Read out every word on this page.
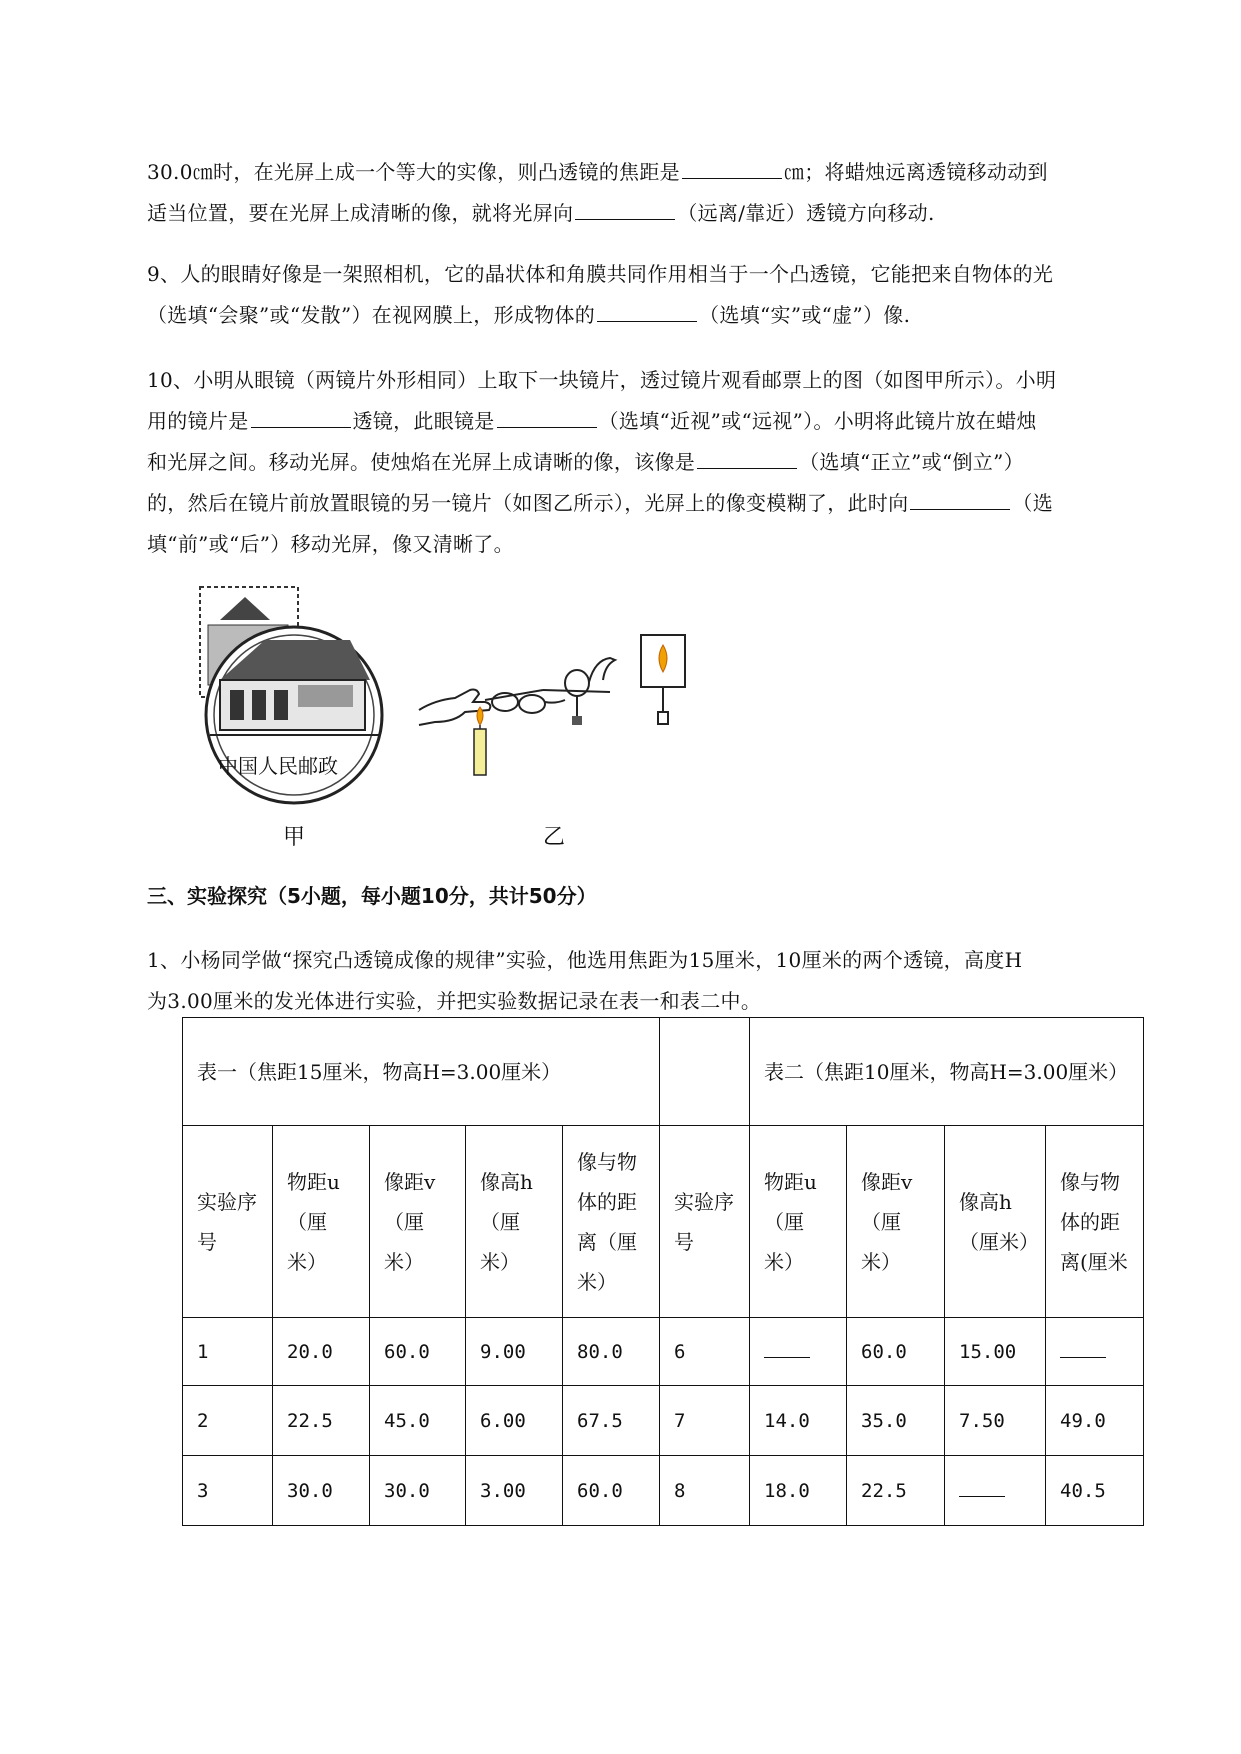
30.0㎝时，在光屏上成一个等大的实像，则凸透镜的焦距是	㎝；将蜡烛远离透镜移动动到
适当位置，要在光屏上成清晰的像，就将光屏向	（远离/靠近）透镜方向移动.
9、人的眼睛好像是一架照相机，它的晶状体和角膜共同作用相当于一个凸透镜，它能把来自物体的光
（选填“会聚”或“发散”）在视网膜上，形成物体的	（选填“实”或“虚”）像.
10、小明从眼镜（两镜片外形相同）上取下一块镜片，透过镜片观看邮票上的图（如图甲所示）。小明
用的镜片是	透镜，此眼镜是	（选填“近视”或“远视”）。小明将此镜片放在蜡烛
和光屏之间。移动光屏。使烛焰在光屏上成请晰的像，该像是	（选填“正立”或“倒立”）
的，然后在镜片前放置眼镜的另一镜片（如图乙所示），光屏上的像变模糊了，此时向	（选
填“前”或“后”）移动光屏，像又清晰了。
中国人民邮政
甲	乙
三、实验探究（5小题，每小题10分，共计50分）
1、小杨同学做“探究凸透镜成像的规律”实验，他选用焦距为15厘米，10厘米的两个透镜，高度H
为3.00厘米的发光体进行实验，并把实验数据记录在表一和表二中。
表一（焦距15厘米，物高H=3.00厘米）						表二（焦距10厘米，物高H=3.00厘米）			
实验序号	物距u（厘米）	像距v（厘米）	像高h（厘米）	像与物体的距离（厘米）	实验序号	物距u（厘米）	像距v（厘米）	像高h（厘米）	像与物体的距离(厘米
1	20.0	60.0	9.00	80.0	6		60.0	15.00	
2	22.5	45.0	6.00	67.5	7	14.0	35.0	7.50	49.0
3	30.0	30.0	3.00	60.0	8	18.0	22.5		40.5
